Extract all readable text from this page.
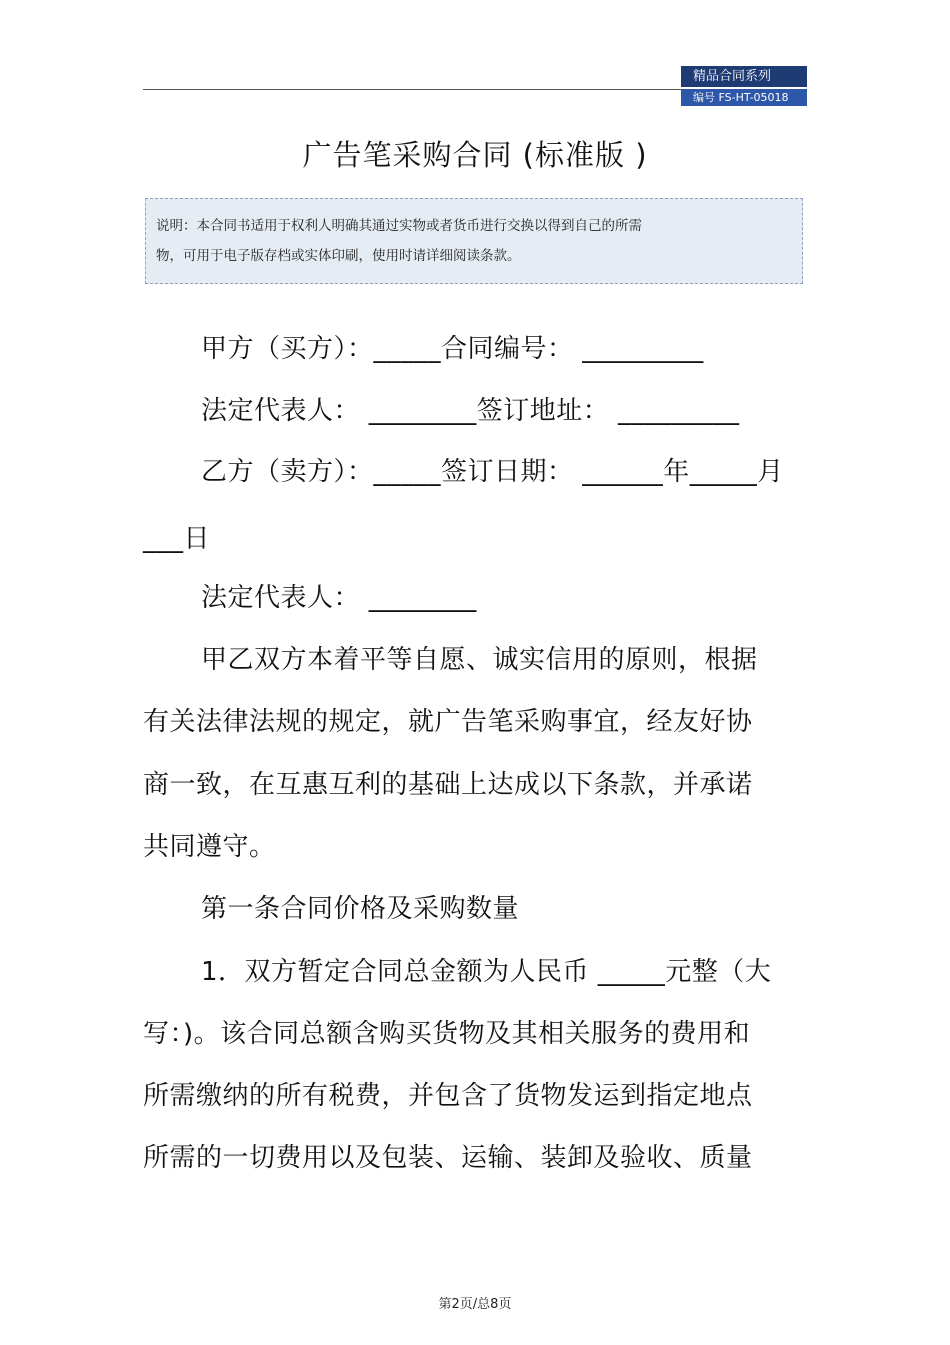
精品合同系列
编号 FS-HT-05018
广告笔采购合同 (标准版 )
说明：本合同书适用于权利人明确其通过实物或者货币进行交换以得到自己的所需
物，可用于电子版存档或实体印刷，使用时请详细阅读条款。
甲方（买方）：_____合同编号： _________
法定代表人： ________签订地址： _________
乙方（卖方）：_____签订日期： ______年_____月
___日
法定代表人： ________
甲乙双方本着平等自愿、诚实信用的原则，根据
有关法律法规的规定，就广告笔采购事宜，经友好协
商一致，在互惠互利的基础上达成以下条款，并承诺
共同遵守。
第一条合同价格及采购数量
1．双方暂定合同总金额为人民币 _____元整（大
写：)。该合同总额含购买货物及其相关服务的费用和
所需缴纳的所有税费，并包含了货物发运到指定地点
所需的一切费用以及包装、运输、装卸及验收、质量
第2页/总8页
